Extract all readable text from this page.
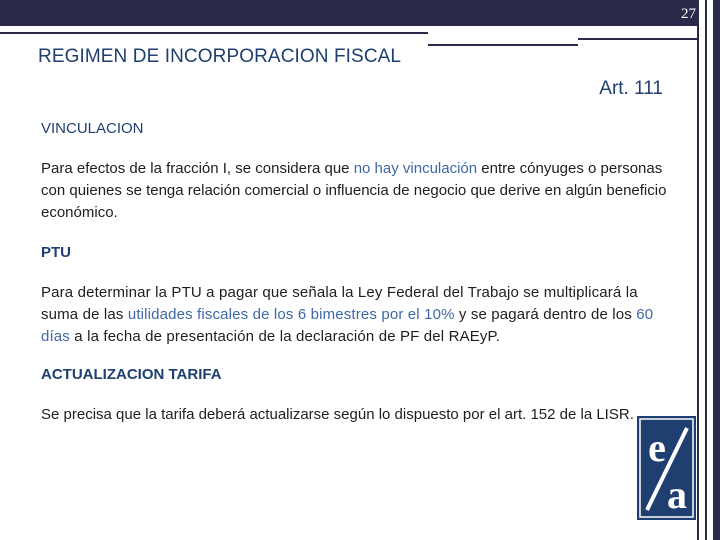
27
REGIMEN DE INCORPORACION FISCAL
Art. 111

VINCULACION

Para efectos de la fracción I, se considera que no hay vinculación entre cónyuges o personas con quienes se tenga relación comercial o influencia de negocio que derive en algún beneficio económico.

PTU

Para determinar la PTU a pagar que señala la Ley Federal del Trabajo se multiplicará la suma de las utilidades fiscales de los 6 bimestres por el 10% y se pagará dentro de los 60 días a la fecha de presentación de la declaración de PF del RAEyP.

ACTUALIZACION TARIFA

Se precisa que la tarifa deberá actualizarse según lo dispuesto por el art. 152 de la LISR.

e
a
